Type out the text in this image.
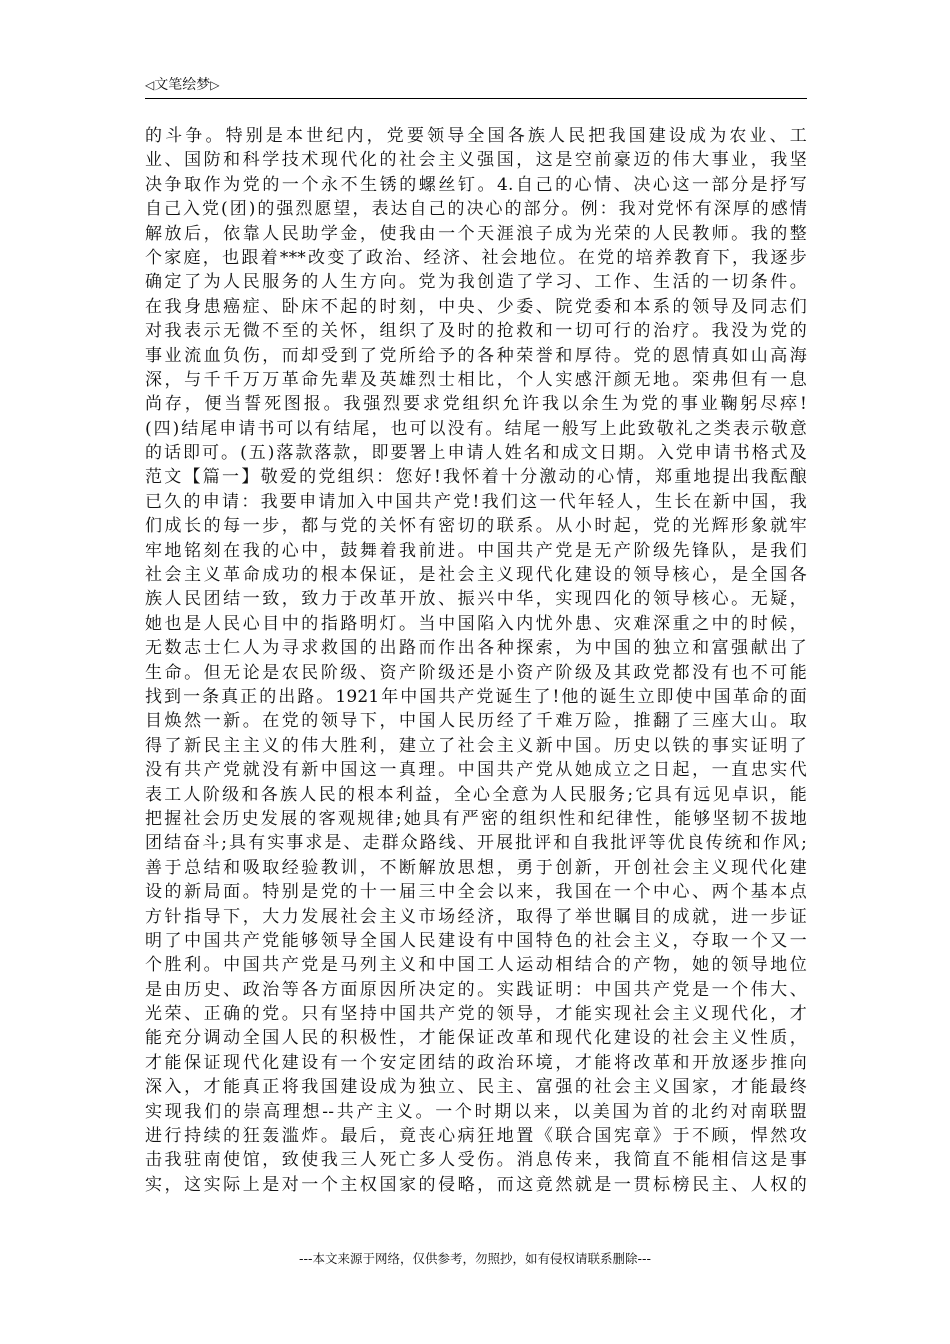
◁文笔绘梦▷
的斗争。特别是本世纪内，党要领导全国各族人民把我国建设成为农业、工
业、国防和科学技术现代化的社会主义强国，这是空前豪迈的伟大事业，我坚
决争取作为党的一个永不生锈的螺丝钉。4.自己的心情、决心这一部分是抒写
自己入党(团)的强烈愿望，表达自己的决心的部分。例：我对党怀有深厚的感情
解放后，依靠人民助学金，使我由一个天涯浪子成为光荣的人民教师。我的整
个家庭，也跟着***改变了政治、经济、社会地位。在党的培养教育下，我逐步
确定了为人民服务的人生方向。党为我创造了学习、工作、生活的一切条件。
在我身患癌症、卧床不起的时刻，中央、少委、院党委和本系的领导及同志们
对我表示无微不至的关怀，组织了及时的抢救和一切可行的治疗。我没为党的
事业流血负伤，而却受到了党所给予的各种荣誉和厚待。党的恩情真如山高海
深，与千千万万革命先辈及英雄烈士相比，个人实感汗颜无地。栾弗但有一息
尚存，便当誓死图报。我强烈要求党组织允许我以余生为党的事业鞠躬尽瘁!
(四)结尾申请书可以有结尾，也可以没有。结尾一般写上此致敬礼之类表示敬意
的话即可。(五)落款落款，即要署上申请人姓名和成文日期。入党申请书格式及
范文【篇一】敬爱的党组织：您好!我怀着十分激动的心情，郑重地提出我酝酿
已久的申请：我要申请加入中国共产党!我们这一代年轻人，生长在新中国，我
们成长的每一步，都与党的关怀有密切的联系。从小时起，党的光辉形象就牢
牢地铭刻在我的心中，鼓舞着我前进。中国共产党是无产阶级先锋队，是我们
社会主义革命成功的根本保证，是社会主义现代化建设的领导核心，是全国各
族人民团结一致，致力于改革开放、振兴中华，实现四化的领导核心。无疑，
她也是人民心目中的指路明灯。当中国陷入内忧外患、灾难深重之中的时候，
无数志士仁人为寻求救国的出路而作出各种探索，为中国的独立和富强献出了
生命。但无论是农民阶级、资产阶级还是小资产阶级及其政党都没有也不可能
找到一条真正的出路。1921年中国共产党诞生了!他的诞生立即使中国革命的面
目焕然一新。在党的领导下，中国人民历经了千难万险，推翻了三座大山。取
得了新民主主义的伟大胜利，建立了社会主义新中国。历史以铁的事实证明了
没有共产党就没有新中国这一真理。中国共产党从她成立之日起，一直忠实代
表工人阶级和各族人民的根本利益，全心全意为人民服务;它具有远见卓识，能
把握社会历史发展的客观规律;她具有严密的组织性和纪律性，能够坚韧不拔地
团结奋斗;具有实事求是、走群众路线、开展批评和自我批评等优良传统和作风;
善于总结和吸取经验教训，不断解放思想，勇于创新，开创社会主义现代化建
设的新局面。特别是党的十一届三中全会以来，我国在一个中心、两个基本点
方针指导下，大力发展社会主义市场经济，取得了举世瞩目的成就，进一步证
明了中国共产党能够领导全国人民建设有中国特色的社会主义，夺取一个又一
个胜利。中国共产党是马列主义和中国工人运动相结合的产物，她的领导地位
是由历史、政治等各方面原因所决定的。实践证明：中国共产党是一个伟大、
光荣、正确的党。只有坚持中国共产党的领导，才能实现社会主义现代化，才
能充分调动全国人民的积极性，才能保证改革和现代化建设的社会主义性质，
才能保证现代化建设有一个安定团结的政治环境，才能将改革和开放逐步推向
深入，才能真正将我国建设成为独立、民主、富强的社会主义国家，才能最终
实现我们的崇高理想--共产主义。一个时期以来，以美国为首的北约对南联盟
进行持续的狂轰滥炸。最后，竟丧心病狂地置《联合国宪章》于不顾，悍然攻
击我驻南使馆，致使我三人死亡多人受伤。消息传来，我简直不能相信这是事
实，这实际上是对一个主权国家的侵略，而这竟然就是一贯标榜民主、人权的
---本文来源于网络，仅供参考，勿照抄，如有侵权请联系删除---
